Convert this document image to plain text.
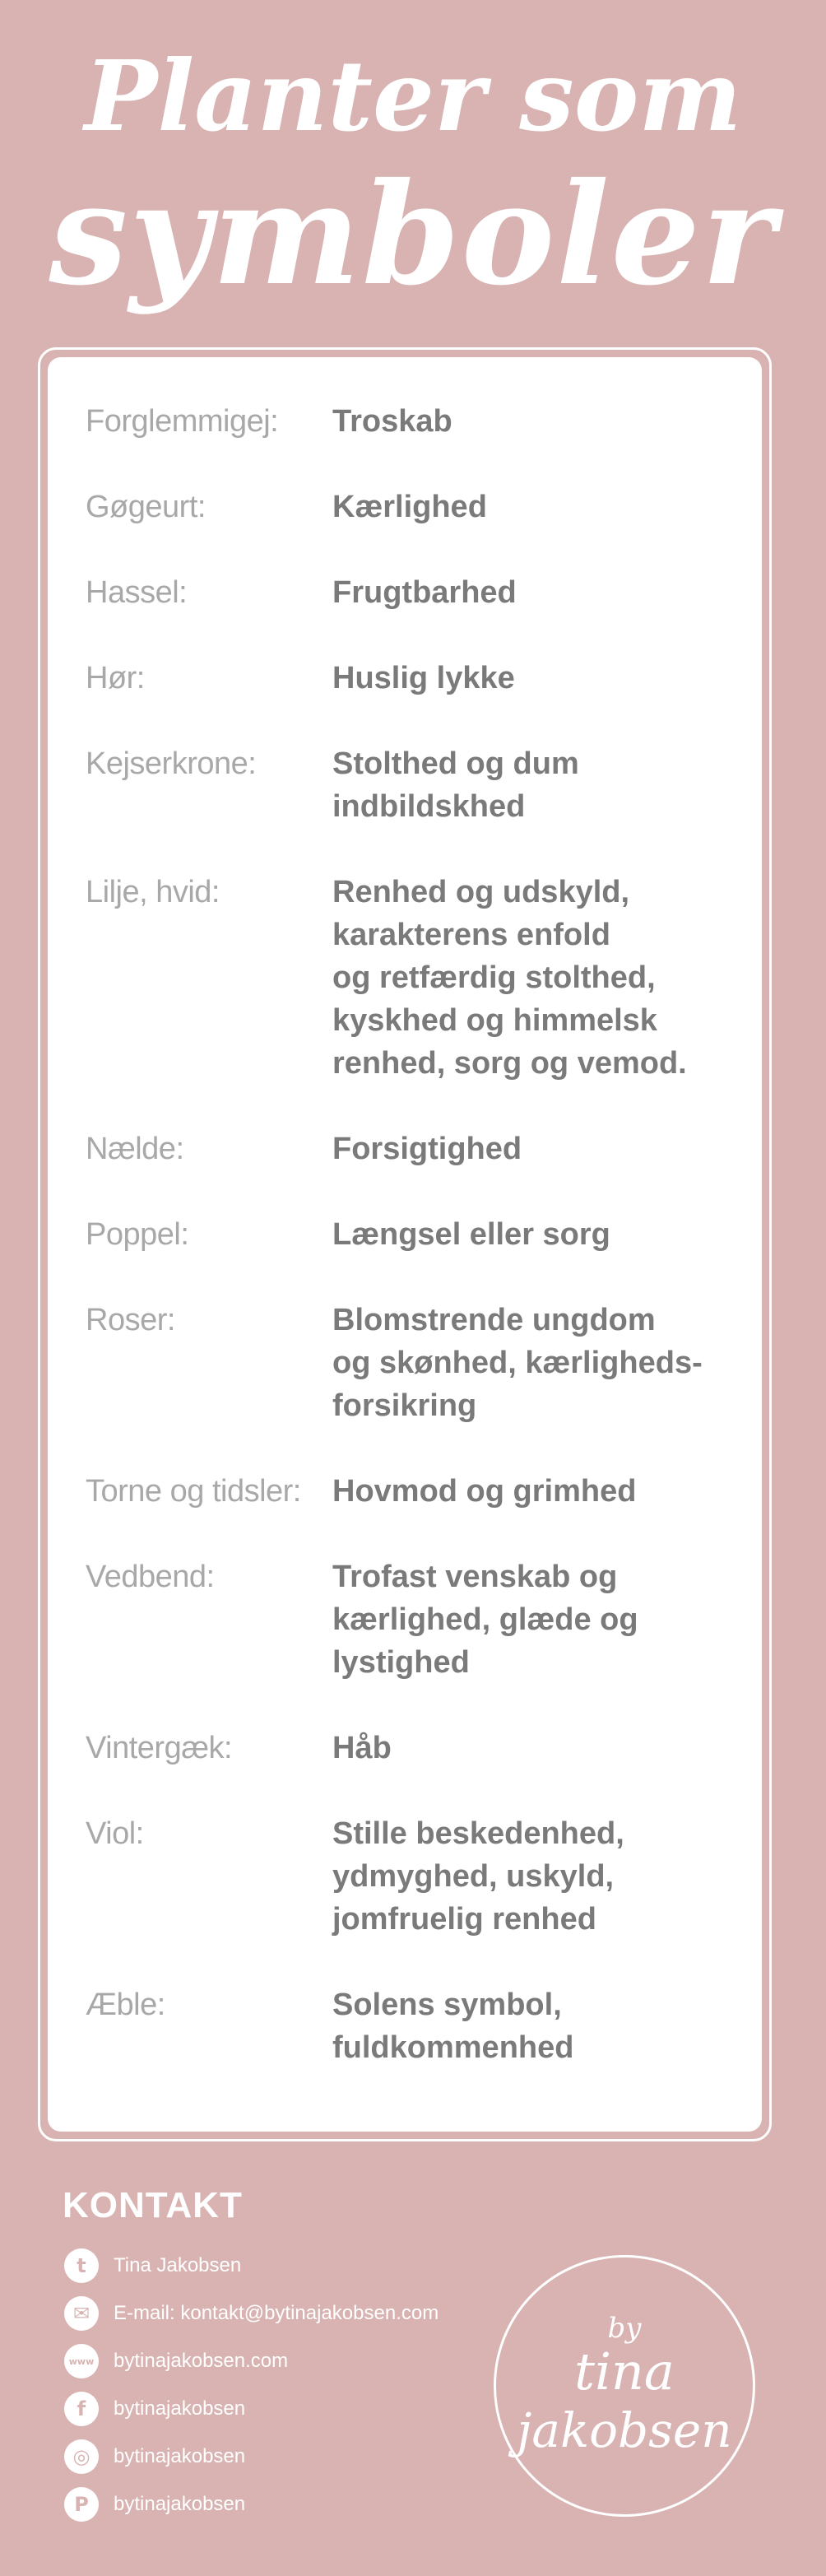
Planter som
symboler
Forglemmigej:	Troskab
Gøgeurt:	Kærlighed
Hassel:	Frugtbarhed
Hør:	Huslig lykke
Kejserkrone:	Stolthed og dum
indbildskhed
Lilje, hvid:	Renhed og udskyld,
karakterens enfold
og retfærdig stolthed,
kyskhed og himmelsk
renhed, sorg og vemod.
Nælde:	Forsigtighed
Poppel:	Længsel eller sorg
Roser:	Blomstrende ungdom
og skønhed, kærligheds-
forsikring
Torne og tidsler:	Hovmod og grimhed
Vedbend:	Trofast venskab og
kærlighed, glæde og
lystighed
Vintergæk:	Håb
Viol:	Stille beskedenhed,
ydmyghed, uskyld,
jomfruelig renhed
Æble:	Solens symbol,
fuldkommenhed
KONTAKT
t	Tina Jakobsen
✉	E-mail: kontakt@bytinajakobsen.com
www bytinajakobsen.com
f	bytinajakobsen
◎	bytinajakobsen
P	bytinajakobsen
by
tina
jakobsen
